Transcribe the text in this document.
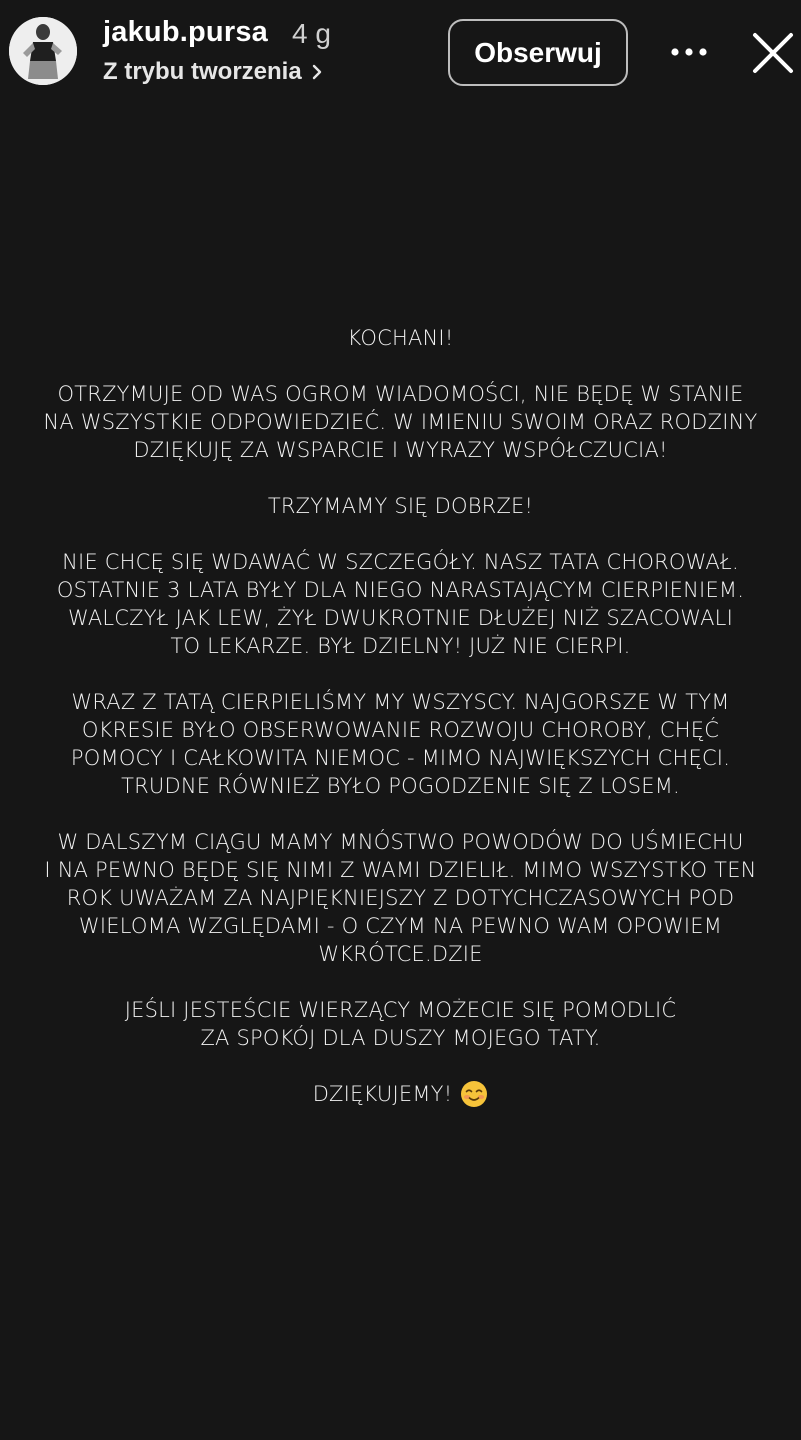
jakub.pursa 4 g
Z trybu tworzenia
Obserwuj
KOCHANI!
OTRZYMUJE OD WAS OGROM WIADOMOŚCI, NIE BĘDĘ W STANIE
NA WSZYSTKIE ODPOWIEDZIEĆ. W IMIENIU SWOIM ORAZ RODZINY
DZIĘKUJĘ ZA WSPARCIE I WYRAZY WSPÓŁCZUCIA!
TRZYMAMY SIĘ DOBRZE!
NIE CHCĘ SIĘ WDAWAĆ W SZCZEGÓŁY. NASZ TATA CHOROWAŁ.
OSTATNIE 3 LATA BYŁY DLA NIEGO NARASTAJĄCYM CIERPIENIEM.
WALCZYŁ JAK LEW, ŻYŁ DWUKROTNIE DŁUŻEJ NIŻ SZACOWALI
TO LEKARZE. BYŁ DZIELNY! JUŻ NIE CIERPI.
WRAZ Z TATĄ CIERPIELIŚMY MY WSZYSCY. NAJGORSZE W TYM
OKRESIE BYŁO OBSERWOWANIE ROZWOJU CHOROBY, CHĘĆ
POMOCY I CAŁKOWITA NIEMOC - MIMO NAJWIĘKSZYCH CHĘCI.
TRUDNE RÓWNIEŻ BYŁO POGODZENIE SIĘ Z LOSEM.
W DALSZYM CIĄGU MAMY MNÓSTWO POWODÓW DO UŚMIECHU
I NA PEWNO BĘDĘ SIĘ NIMI Z WAMI DZIELIŁ. MIMO WSZYSTKO TEN
ROK UWAŻAM ZA NAJPIĘKNIEJSZY Z DOTYCHCZASOWYCH POD
WIELOMA WZGLĘDAMI - O CZYM NA PEWNO WAM OPOWIEM
WKRÓTCE.DZIE
JEŚLI JESTEŚCIE WIERZĄCY MOŻECIE SIĘ POMODLIĆ
ZA SPOKÓJ DLA DUSZY MOJEGO TATY.
DZIĘKUJEMY!
